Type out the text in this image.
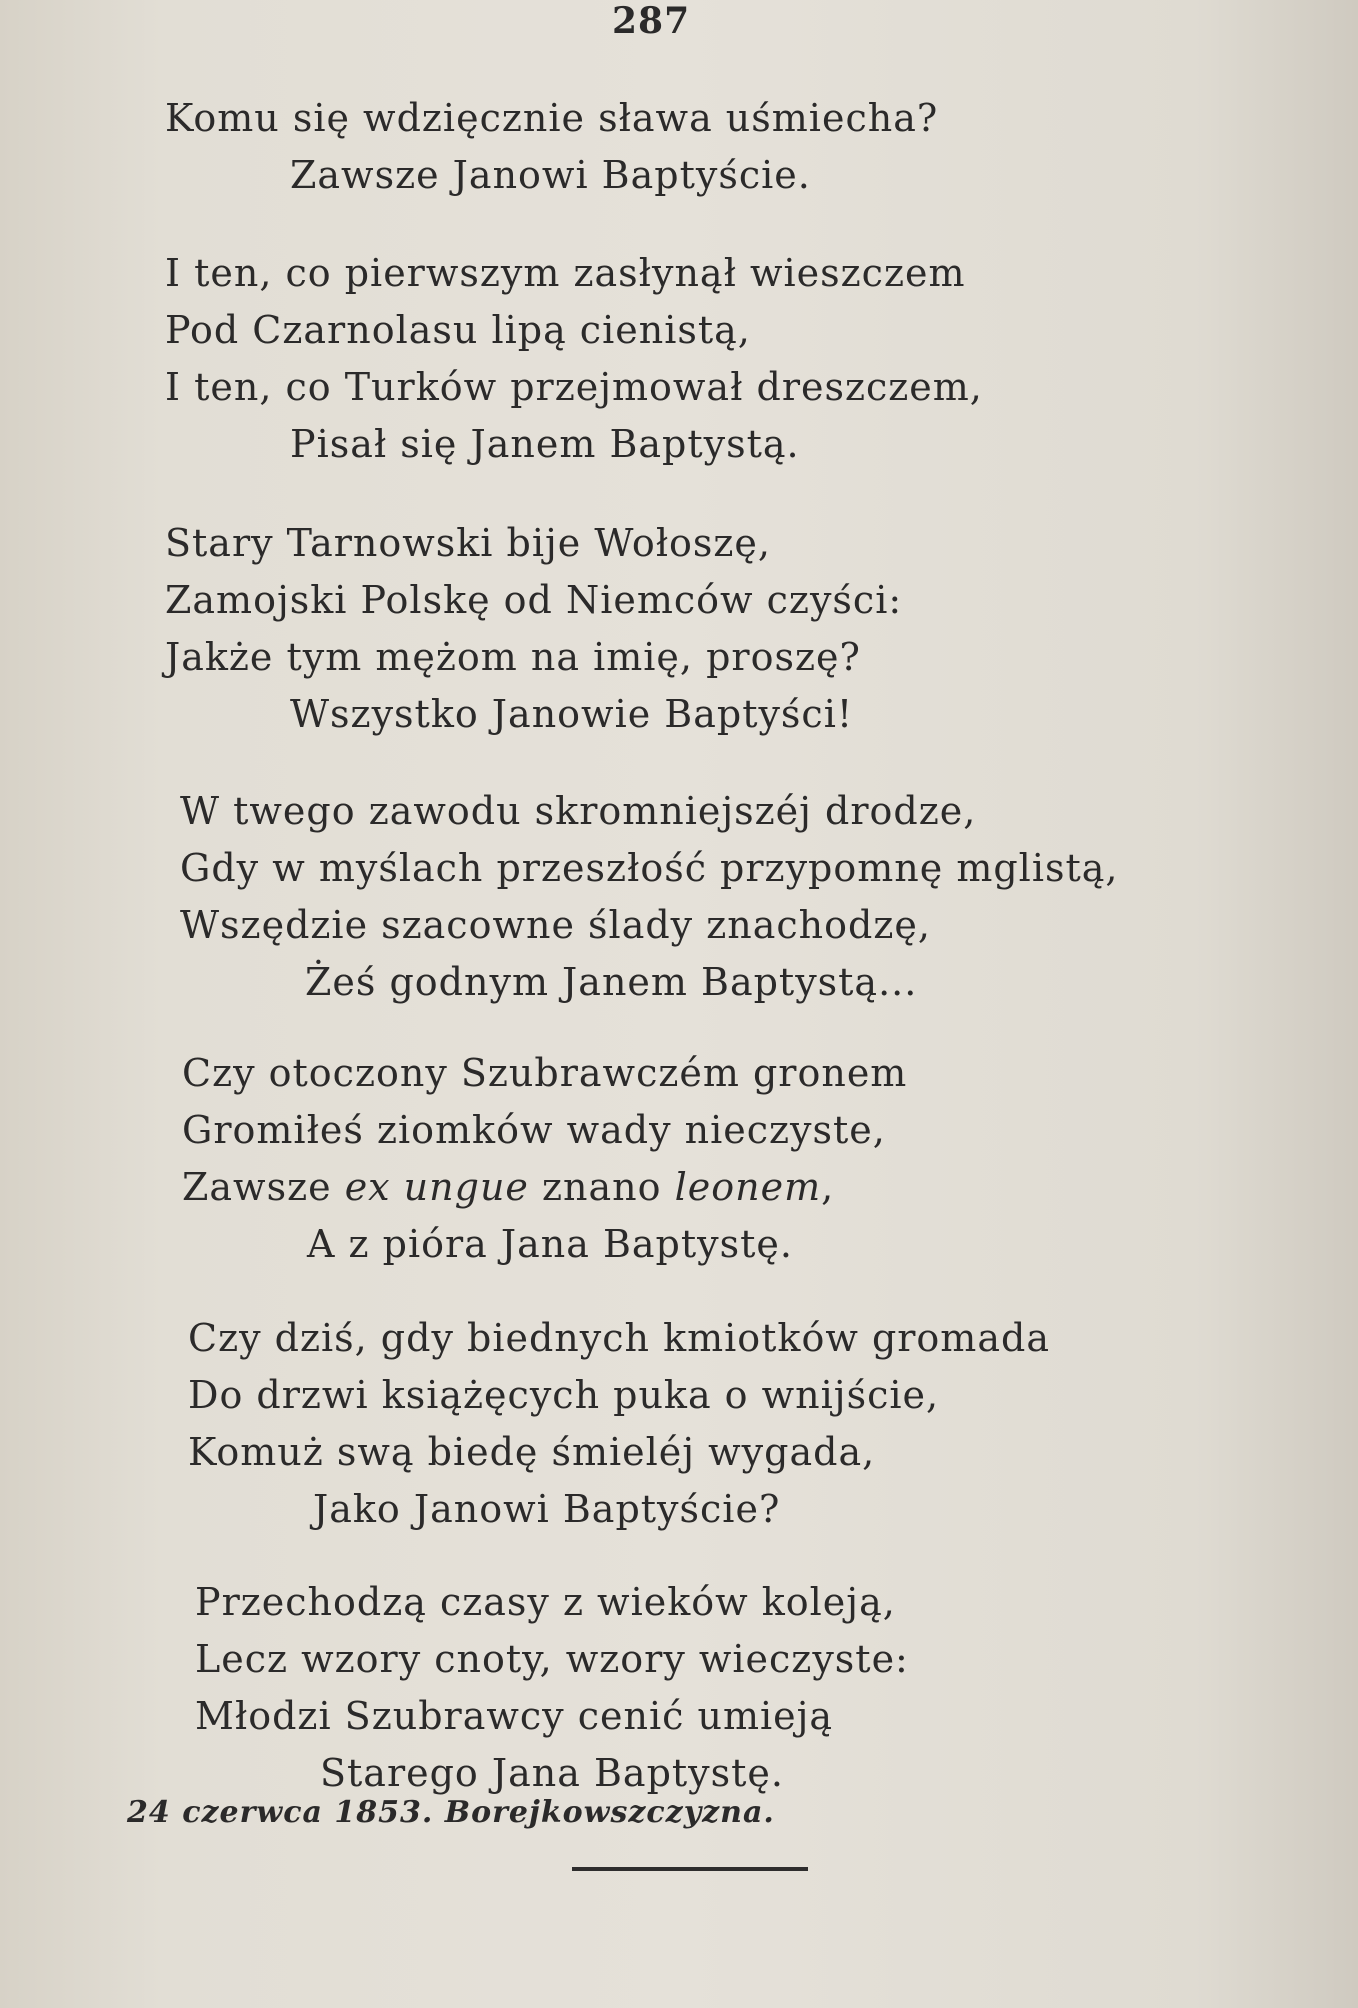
287
Komu się wdzięcznie sława uśmiecha?
Zawsze Janowi Baptyście.
I ten, co pierwszym zasłynął wieszczem
Pod Czarnolasu lipą cienistą,
I ten, co Turków przejmował dreszczem,
Pisał się Janem Baptystą.
Stary Tarnowski bije Wołoszę,
Zamojski Polskę od Niemców czyści:
Jakże tym mężom na imię, proszę?
Wszystko Janowie Baptyści!
W twego zawodu skromniejszéj drodze,
Gdy w myślach przeszłość przypomnę mglistą,
Wszędzie szacowne ślady znachodzę,
Żeś godnym Janem Baptystą...
Czy otoczony Szubrawczém gronem
Gromiłeś ziomków wady nieczyste,
Zawsze ex ungue znano leonem,
A z pióra Jana Baptystę.
Czy dziś, gdy biednych kmiotków gromada
Do drzwi książęcych puka o wnijście,
Komuż swą biedę śmieléj wygada,
Jako Janowi Baptyście?
Przechodzą czasy z wieków koleją,
Lecz wzory cnoty, wzory wieczyste:
Młodzi Szubrawcy cenić umieją
Starego Jana Baptystę.
24 czerwca 1853. Borejkowszczyzna.
